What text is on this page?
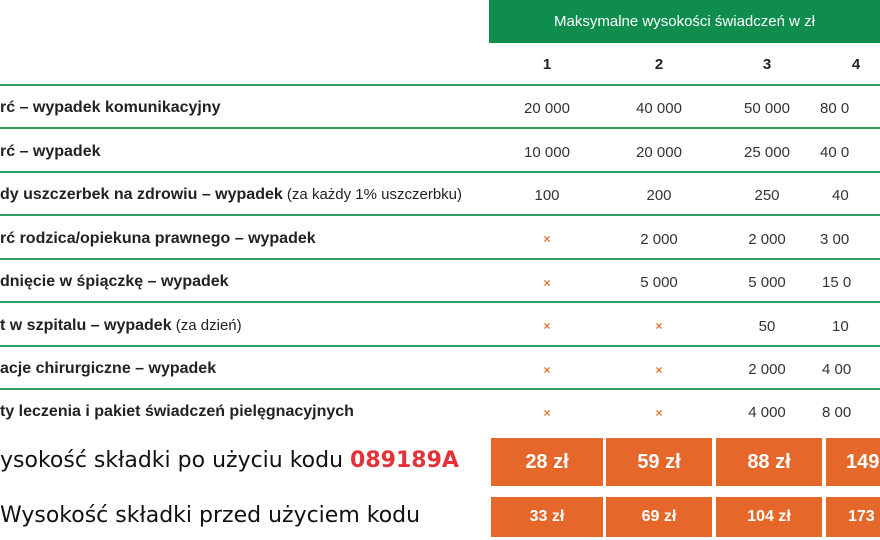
Maksymalne wysokości świadczeń w zł
1	2	3	4
rć – wypadek komunikacyjny	20 000	40 000	50 000	80 0
rć – wypadek	10 000	20 000	25 000	40 0
dy uszczerbek na zdrowiu – wypadek (za każdy 1% uszczerbku)	100	200	250	40
rć rodzica/opiekuna prawnego – wypadek	×	2 000	2 000	3 00
dnięcie w śpiączkę – wypadek	×	5 000	5 000	15 0
t w szpitalu – wypadek (za dzień)	×	×	50	10
acje chirurgiczne – wypadek	×	×	2 000	4 00
ty leczenia i pakiet świadczeń pielęgnacyjnych	×	×	4 000	8 00
ysokość składki po użyciu kodu 089189A	28 zł	59 zł	88 zł	149
Wysokość składki przed użyciem kodu	33 zł	69 zł	104 zł	173
